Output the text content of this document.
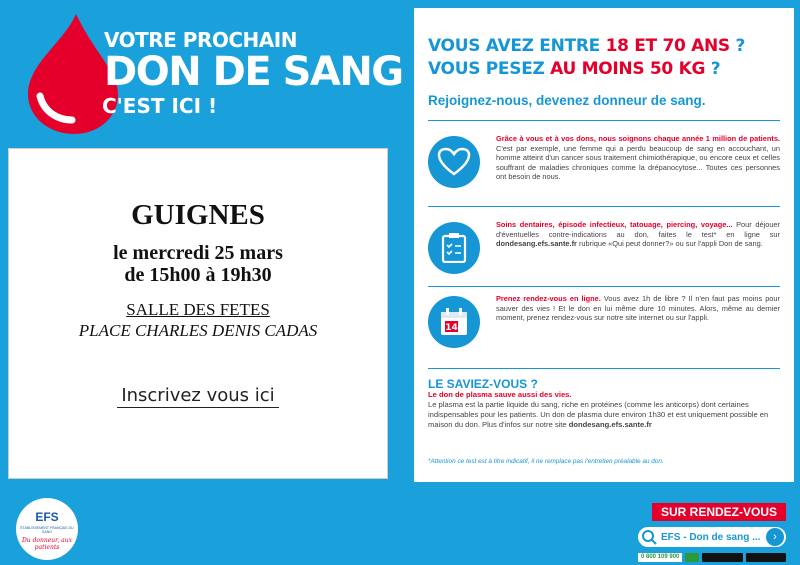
VOTRE PROCHAIN
DON DE SANG
C'EST ICI !
GUIGNES
le mercredi 25 mars
de 15h00 à 19h30
SALLE DES FETES
PLACE CHARLES DENIS CADAS
Inscrivez vous ici
EFS
ÉTABLISSEMENT FRANÇAIS DU SANG
Du donneur, aux patients
VOUS AVEZ ENTRE 18 ET 70 ANS ?
VOUS PESEZ AU MOINS 50 KG ?
Rejoignez-nous, devenez donneur de sang.
Grâce à vous et à vos dons, nous soignons chaque année 1 million de patients. C'est par exemple, une femme qui a perdu beaucoup de sang en accouchant, un homme atteint d'un cancer sous traitement chimiothérapique, ou encore ceux et celles souffrant de maladies chroniques comme la drépanocytose... Toutes ces personnes ont besoin de nous.
Soins dentaires, épisode infectieux, tatouage, piercing, voyage... Pour déjouer d'éventuelles contre-indications au don, faites le test* en ligne sur dondesang.efs.sante.fr rubrique «Qui peut donner?» ou sur l'appli Don de sang.
14
Prenez rendez-vous en ligne. Vous avez 1h de libre ? Il n'en faut pas moins pour sauver des vies ! Et le don en lui même dure 10 minutes. Alors, même au dernier moment, prenez rendez-vous sur notre site internet ou sur l'appli.
LE SAVIEZ-VOUS ?
Le don de plasma sauve aussi des vies.
Le plasma est la partie liquide du sang, riche en protéines (comme les anticorps) dont certaines indispensables pour les patients. Un don de plasma dure environ 1h30 et est uniquement possible en maison du don. Plus d'infos sur notre site dondesang.efs.sante.fr
*Attention ce test est à titre indicatif, il ne remplace pas l'entretien préalable au don.
SUR RENDEZ-VOUS
EFS - Don de sang ...	›
0 800 109 900
